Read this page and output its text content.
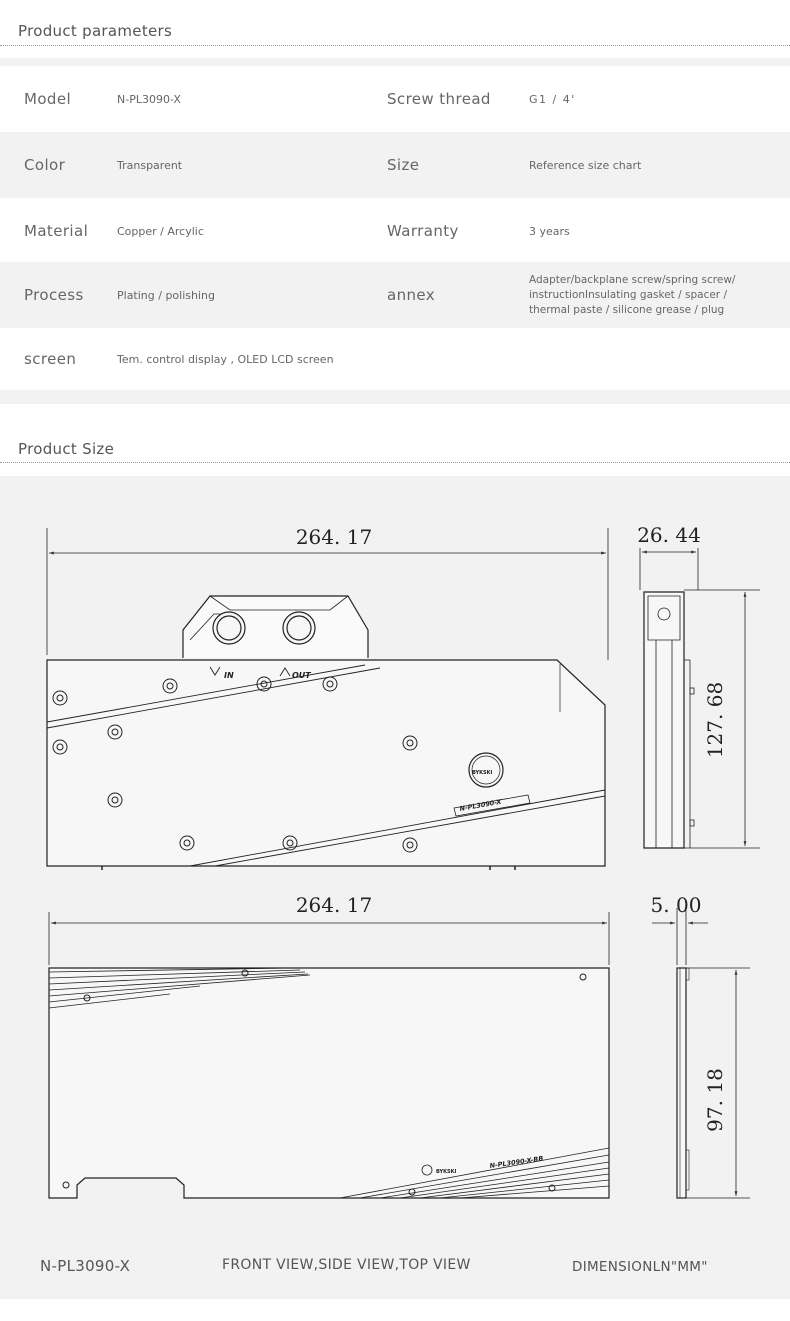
Product parameters
Model	N-PL3090-X	Screw thread	G1 / 4'
Color	Transparent	Size	Reference size chart
Material	Copper / Arcylic	Warranty	3 years
Process	Plating / polishing	annex
Adapter/backplane screw/spring screw/
instructionInsulating gasket / spacer /
thermal paste / silicone grease / plug
screen	Tem. control display , OLED LCD screen
Product Size
264. 17
IN	OUT
BYKSKI
N-PL3090-X
26. 44
127. 68
264. 17
BYKSKI
N-PL3090-X-BB
5. 00
97. 18
N-PL3090-X	FRONT VIEW,SIDE VIEW,TOP VIEW	DIMENSIONLN"MM"
